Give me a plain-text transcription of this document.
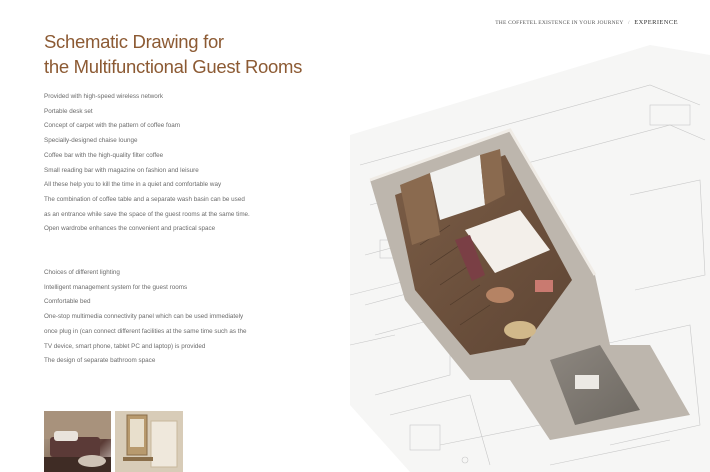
THE COFFETEL EXISTENCE IN YOUR JOURNEY / EXPERIENCE
Schematic Drawing for
the Multifunctional Guest Rooms
Provided with high-speed wireless network
Portable desk set
Concept of carpet with the pattern of coffee foam
Specially-designed chaise lounge
Coffee bar with the high-quality filter coffee
Small reading bar with magazine on fashion and leisure
All these help you to kill the time in a quiet and comfortable way
The combination of coffee table and a separate wash basin can be used
as an entrance while save the space of the guest rooms at the same time.
Open wardrobe enhances the convenient and practical space
Choices of different lighting
Intelligent management system for the guest rooms
Comfortable bed
One-stop multimedia connectivity panel which can be used immediately
once plug in (can connect different facilities at the same time such as the
TV device, smart phone, tablet PC and laptop) is provided
The design of separate bathroom space
